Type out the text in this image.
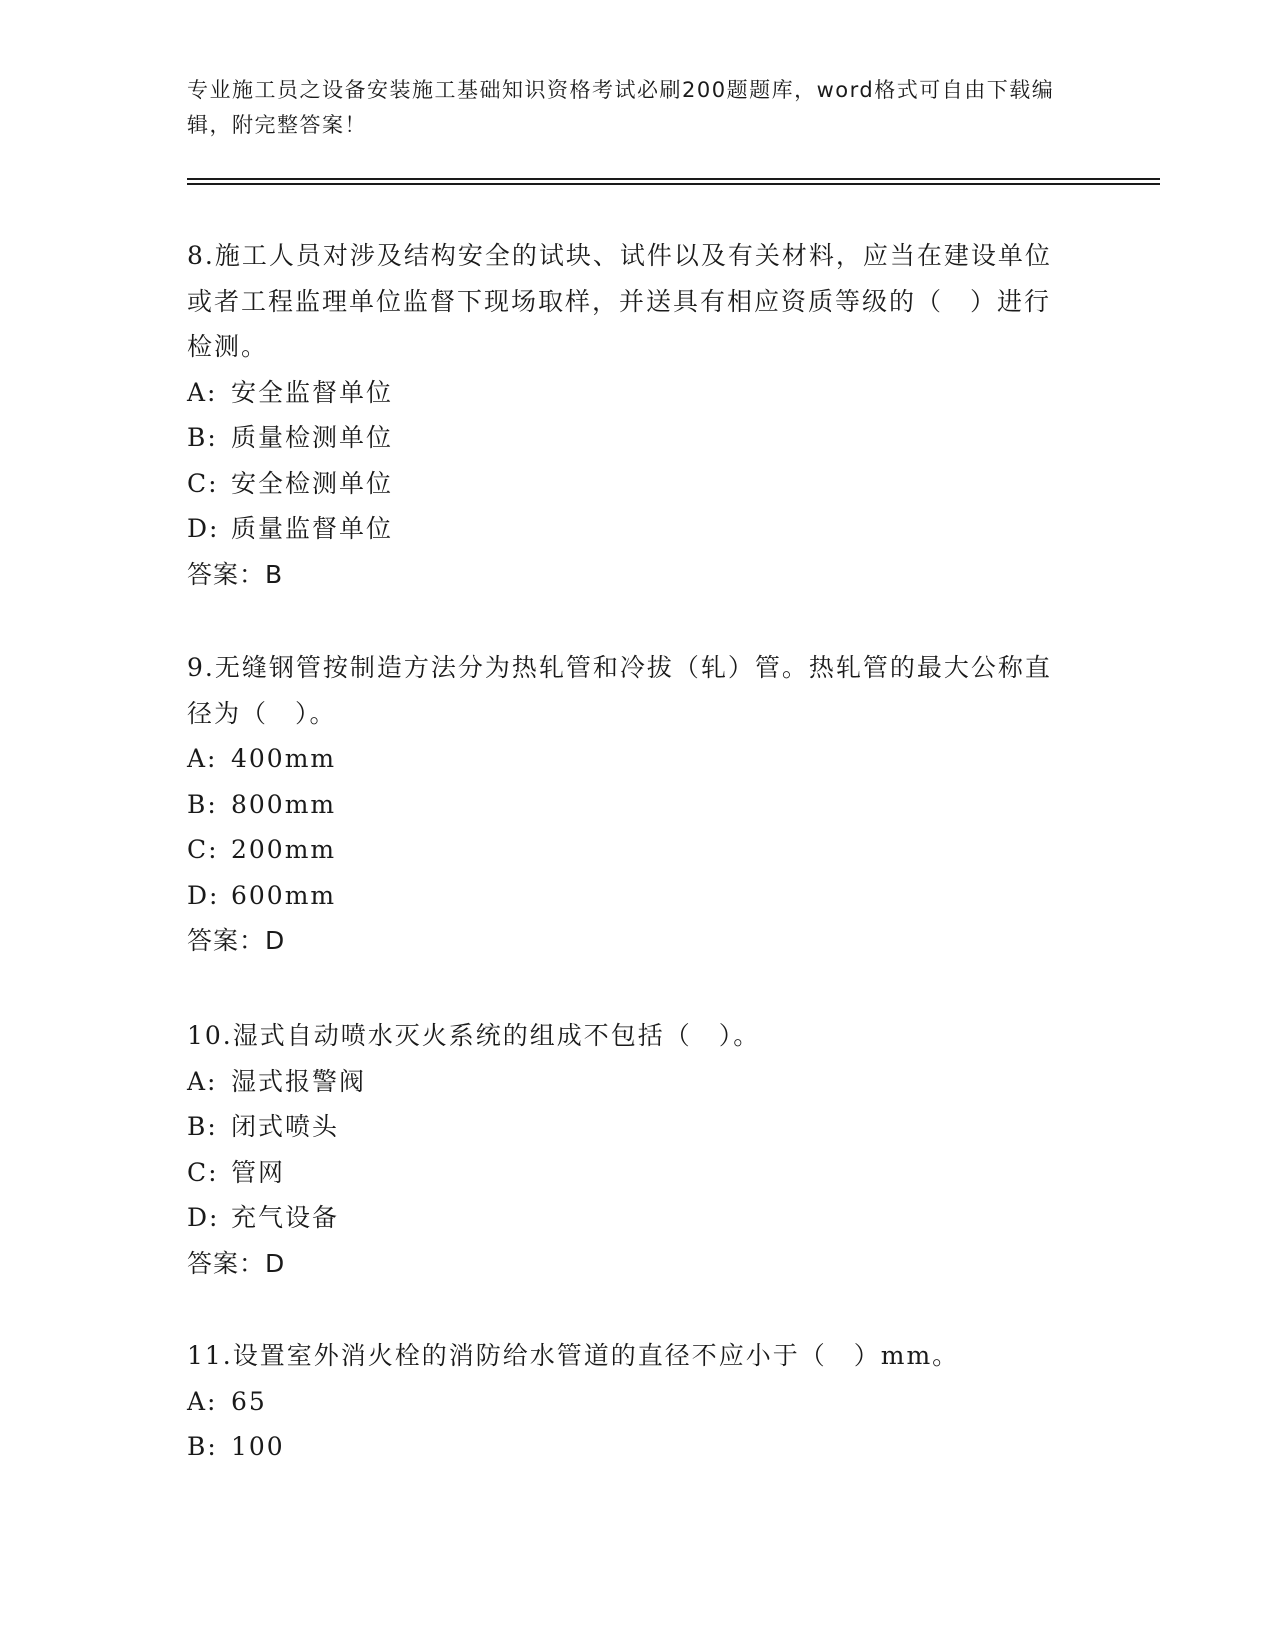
专业施工员之设备安装施工基础知识资格考试必刷200题题库，word格式可自由下载编辑，附完整答案！

8.施工人员对涉及结构安全的试块、试件以及有关材料，应当在建设单位或者工程监理单位监督下现场取样，并送具有相应资质等级的（　）进行检测。

A: 安全监督单位
B: 质量检测单位
C: 安全检测单位
D: 质量监督单位
答案：B

9.无缝钢管按制造方法分为热轧管和冷拔（轧）管。热轧管的最大公称直径为（　）。

A: 400mm
B: 800mm
C: 200mm
D: 600mm
答案：D

10.湿式自动喷水灭火系统的组成不包括（　）。

A: 湿式报警阀
B: 闭式喷头
C: 管网
D: 充气设备
答案：D

11.设置室外消火栓的消防给水管道的直径不应小于（　）mm。

A: 65
B: 100
